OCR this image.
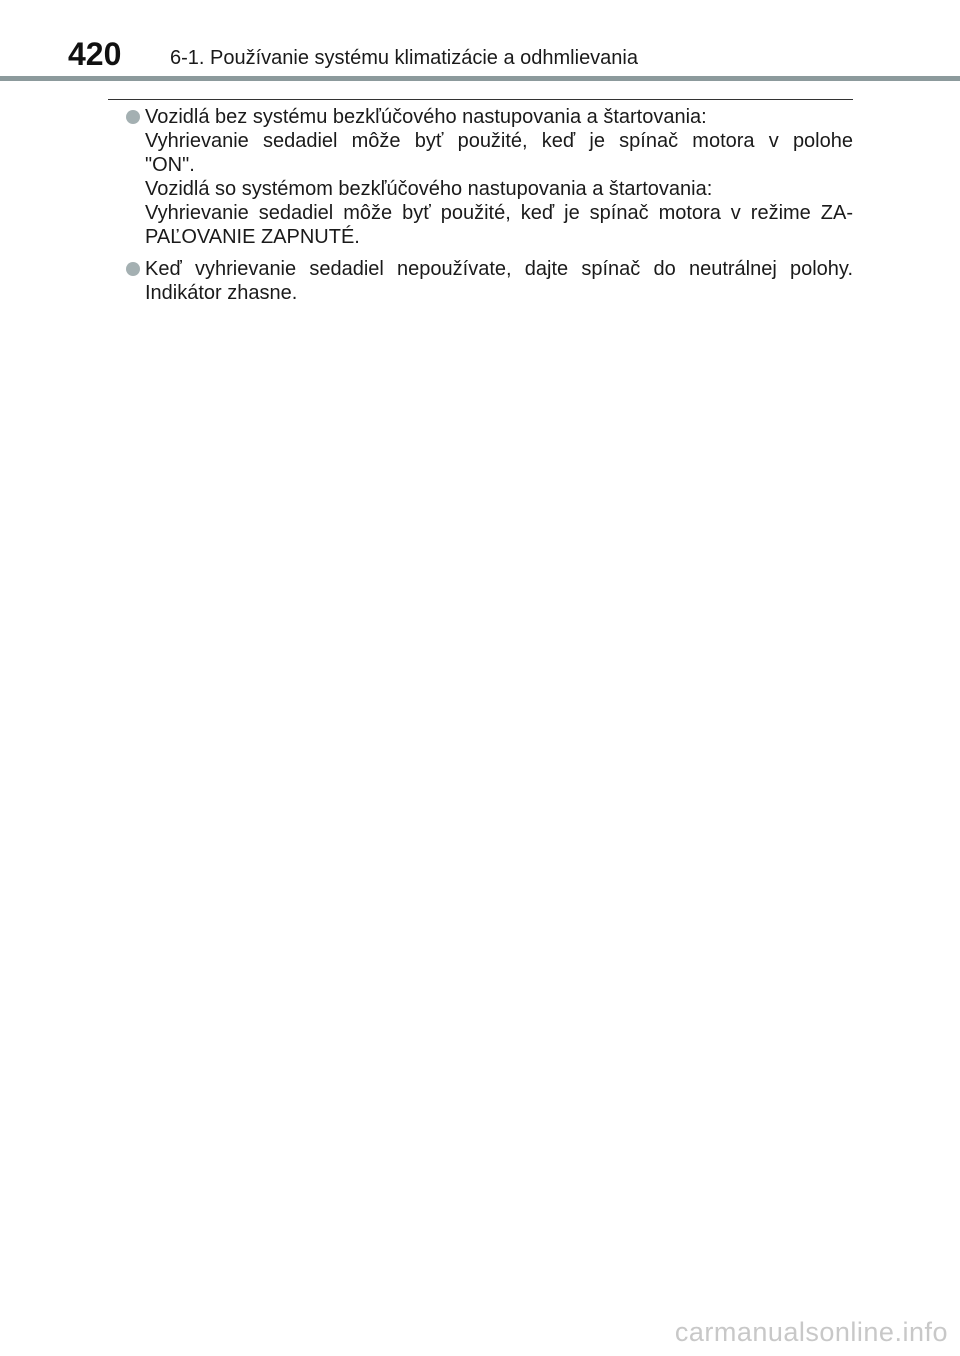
420 6-1. Používanie systému klimatizácie a odhmlievania
Vozidlá bez systému bezkľúčového nastupovania a štartovania:
Vyhrievanie sedadiel môže byť použité, keď je spínač motora v polohe
"ON".
Vozidlá so systémom bezkľúčového nastupovania a štartovania:
Vyhrievanie sedadiel môže byť použité, keď je spínač motora v režime ZA-
PAĽOVANIE ZAPNUTÉ.
Keď vyhrievanie sedadiel nepoužívate, dajte spínač do neutrálnej polohy.
Indikátor zhasne.
carmanualsonline.info
